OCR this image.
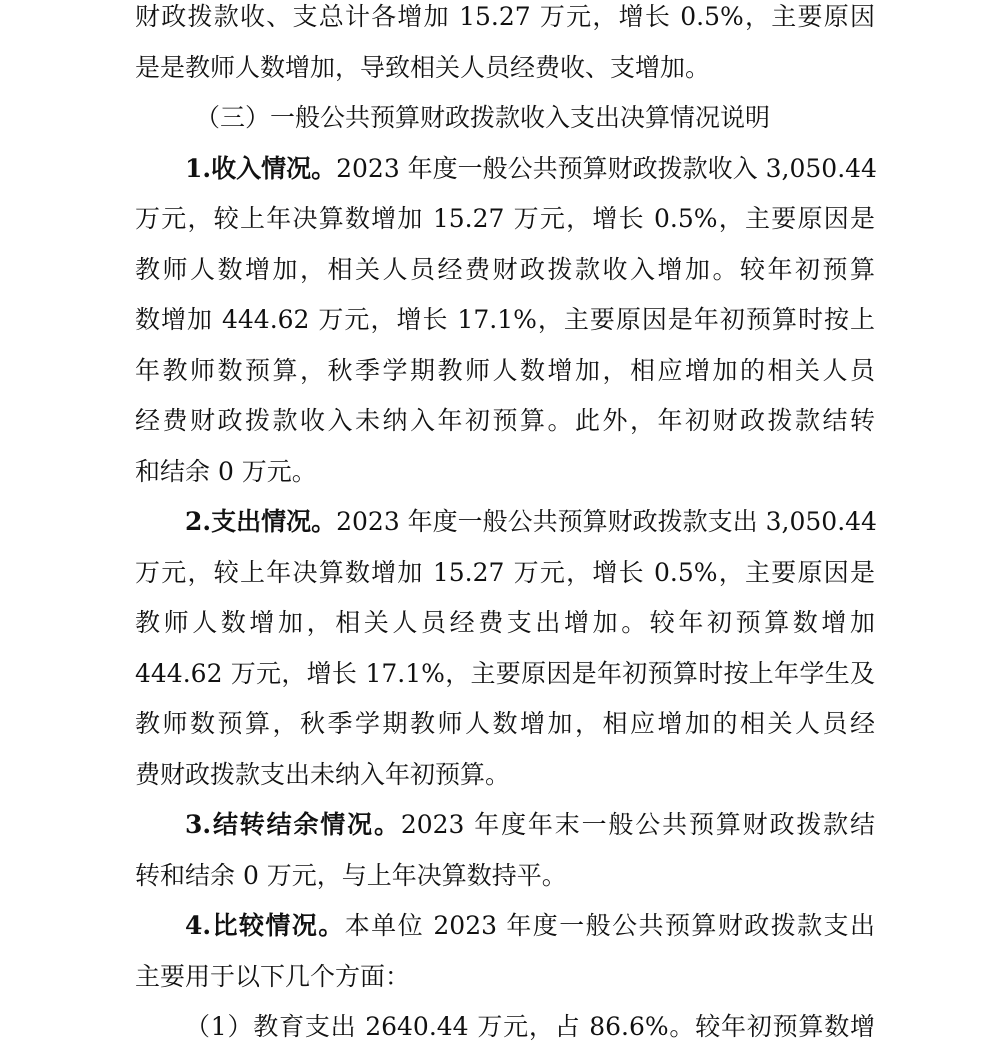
财政拨款收、支总计各增加 15.27 万元，增长 0.5%，主要原因
是是教师人数增加，导致相关人员经费收、支增加。
（三）一般公共预算财政拨款收入支出决算情况说明
1.收入情况。2023 年度一般公共预算财政拨款收入 3,050.44
万元，较上年决算数增加 15.27 万元，增长 0.5%，主要原因是
教师人数增加，相关人员经费财政拨款收入增加。较年初预算
数增加 444.62 万元，增长 17.1%，主要原因是年初预算时按上
年教师数预算，秋季学期教师人数增加，相应增加的相关人员
经费财政拨款收入未纳入年初预算。此外，年初财政拨款结转
和结余 0 万元。
2.支出情况。2023 年度一般公共预算财政拨款支出 3,050.44
万元，较上年决算数增加 15.27 万元，增长 0.5%，主要原因是
教师人数增加，相关人员经费支出增加。较年初预算数增加
444.62 万元，增长 17.1%，主要原因是年初预算时按上年学生及
教师数预算，秋季学期教师人数增加，相应增加的相关人员经
费财政拨款支出未纳入年初预算。
3.结转结余情况。2023 年度年末一般公共预算财政拨款结
转和结余 0 万元，与上年决算数持平。
4.比较情况。本单位 2023 年度一般公共预算财政拨款支出
主要用于以下几个方面：
（1）教育支出 2640.44 万元，占 86.6%。较年初预算数增
